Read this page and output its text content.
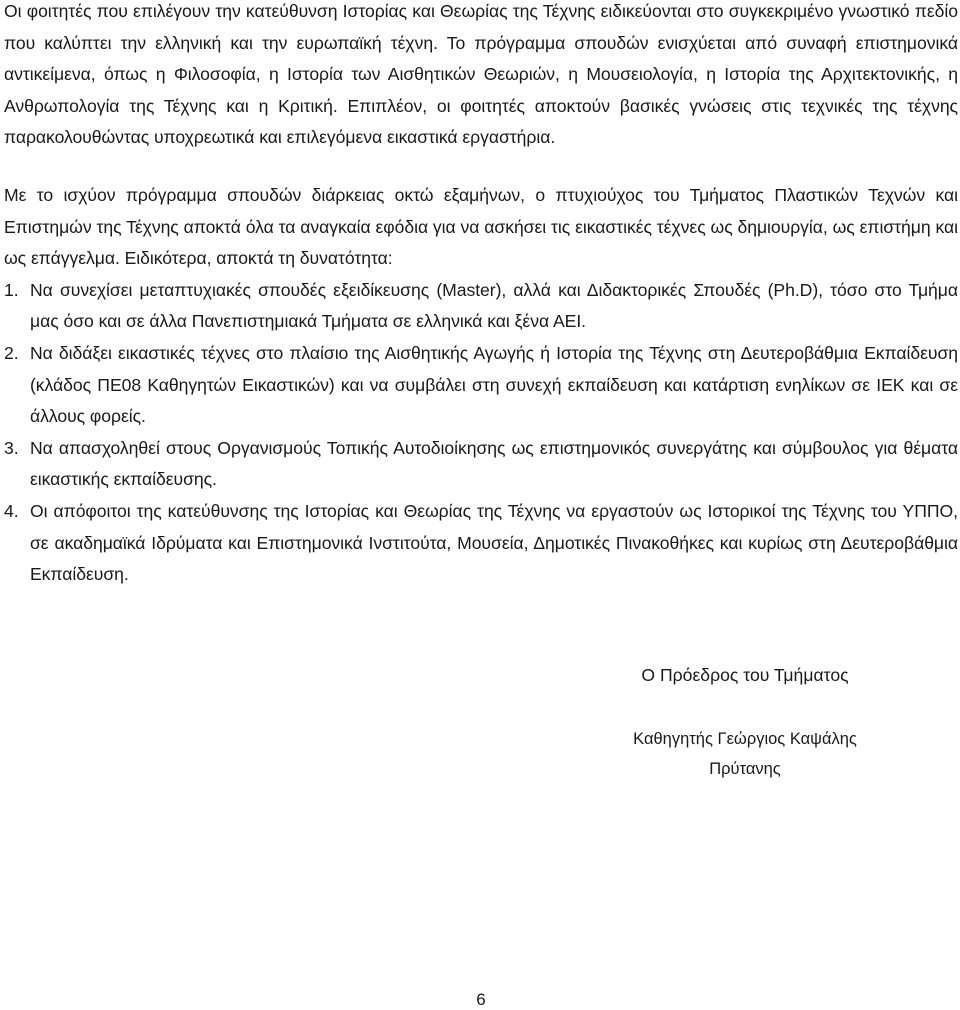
Οι φοιτητές που επιλέγουν την κατεύθυνση Ιστορίας και Θεωρίας της Τέχνης ειδικεύονται στο συγκεκριμένο γνωστικό πεδίο που καλύπτει την ελληνική και την ευρωπαϊκή τέχνη. Το πρόγραμμα σπουδών ενισχύεται από συναφή επιστημονικά αντικείμενα, όπως η Φιλοσοφία, η Ιστορία των Αισθητικών Θεωριών, η Μουσειολογία, η Ιστορία της Αρχιτεκτονικής, η Ανθρωπολογία της Τέχνης και η Κριτική. Επιπλέον, οι φοιτητές αποκτούν βασικές γνώσεις στις τεχνικές της τέχνης παρακολουθώντας υποχρεωτικά και επιλεγόμενα εικαστικά εργαστήρια.

Με το ισχύον πρόγραμμα σπουδών διάρκειας οκτώ εξαμήνων, ο πτυχιούχος του Τμήματος Πλαστικών Τεχνών και Επιστημών της Τέχνης αποκτά όλα τα αναγκαία εφόδια για να ασκήσει τις εικαστικές τέχνες ως δημιουργία, ως επιστήμη και ως επάγγελμα. Ειδικότερα, αποκτά τη δυνατότητα:

1. Να συνεχίσει μεταπτυχιακές σπουδές εξειδίκευσης (Master), αλλά και Διδακτορικές Σπουδές (Ph.D), τόσο στο Τμήμα μας όσο και σε άλλα Πανεπιστημιακά Τμήματα σε ελληνικά και ξένα ΑΕΙ.
2. Να διδάξει εικαστικές τέχνες στο πλαίσιο της Αισθητικής Αγωγής ή Ιστορία της Τέχνης στη Δευτεροβάθμια Εκπαίδευση (κλάδος ΠΕ08 Καθηγητών Εικαστικών) και να συμβάλει στη συνεχή εκπαίδευση και κατάρτιση ενηλίκων σε ΙΕΚ και σε άλλους φορείς.
3. Να απασχοληθεί στους Οργανισμούς Τοπικής Αυτοδιοίκησης ως επιστημονικός συνεργάτης και σύμβουλος για θέματα εικαστικής εκπαίδευσης.
4. Οι απόφοιτοι της κατεύθυνσης της Ιστορίας και Θεωρίας της Τέχνης να εργαστούν ως Ιστορικοί της Τέχνης του ΥΠΠΟ, σε ακαδημαϊκά Ιδρύματα και Επιστημονικά Ινστιτούτα, Μουσεία, Δημοτικές Πινακοθήκες και κυρίως στη Δευτεροβάθμια Εκπαίδευση.
Ο Πρόεδρος του Τμήματος
Καθηγητής Γεώργιος Καψάλης
Πρύτανης
6
